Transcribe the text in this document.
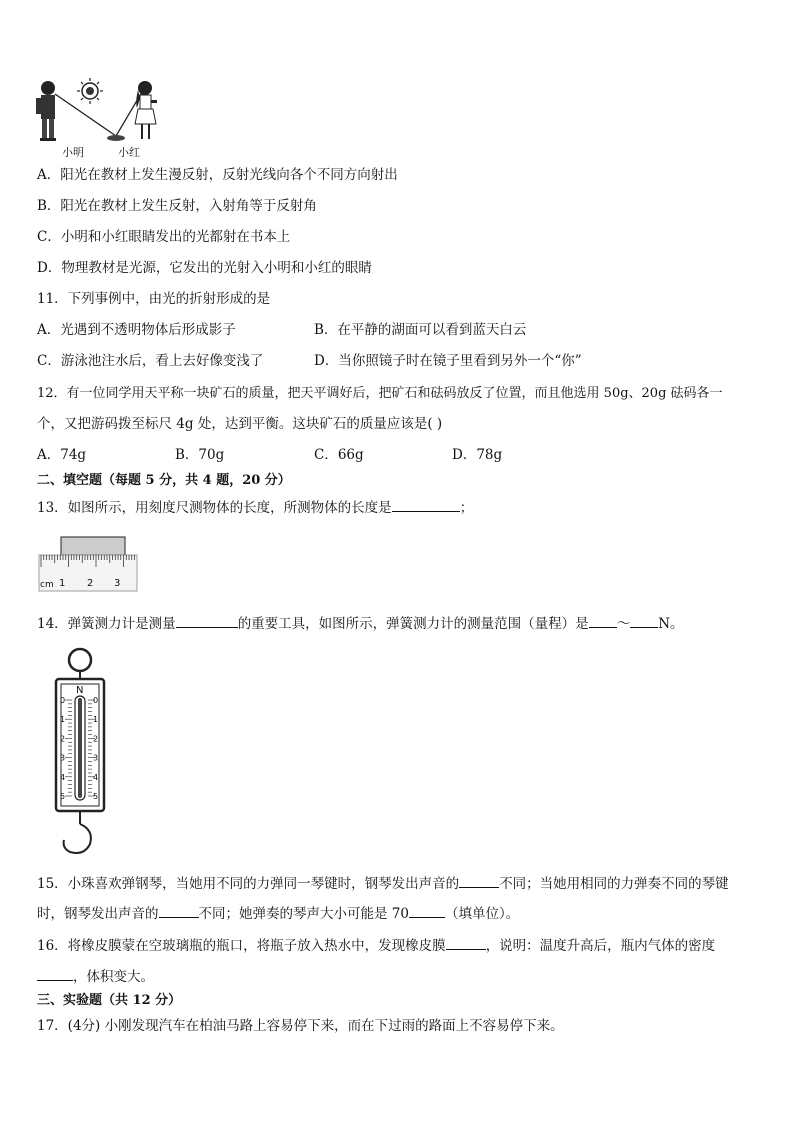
小明	小红
A．阳光在教材上发生漫反射，反射光线向各个不同方向射出
B．阳光在教材上发生反射，入射角等于反射角
C．小明和小红眼睛发出的光都射在书本上
D．物理教材是光源，它发出的光射入小明和小红的眼睛
11．下列事例中，由光的折射形成的是
A．光遇到不透明物体后形成影子	B．在平静的湖面可以看到蓝天白云
C．游泳池注水后，看上去好像变浅了	D．当你照镜子时在镜子里看到另外一个“你”
12．有一位同学用天平称一块矿石的质量，把天平调好后，把矿石和砝码放反了位置，而且他选用 50g、20g 砝码各一
个，又把游码拨至标尺 4g 处，达到平衡。这块矿石的质量应该是( )
A．74g	B．70g	C．66g	D．78g
二、填空题（每题 5 分，共 4 题，20 分）
13．如图所示，用刻度尺测物体的长度，所测物体的长度是	；
cm 1 2 3
14．弹簧测力计是测量	的重要工具，如图所示，弹簧测力计的测量范围（量程）是 ～ N。
N
0	0
1	1
2	2
3	3
4	4
5	5
15．小珠喜欢弹钢琴，当她用不同的力弹同一琴键时，钢琴发出声音的	不同；当她用相同的力弹奏不同的琴键
时，钢琴发出声音的	不同；她弹奏的琴声大小可能是 70	（填单位）。
16．将橡皮膜蒙在空玻璃瓶的瓶口，将瓶子放入热水中，发现橡皮膜	，说明：温度升高后，瓶内气体的密度
，体积变大。
三、实验题（共 12 分）
17．(4分) 小刚发现汽车在柏油马路上容易停下来，而在下过雨的路面上不容易停下来。
